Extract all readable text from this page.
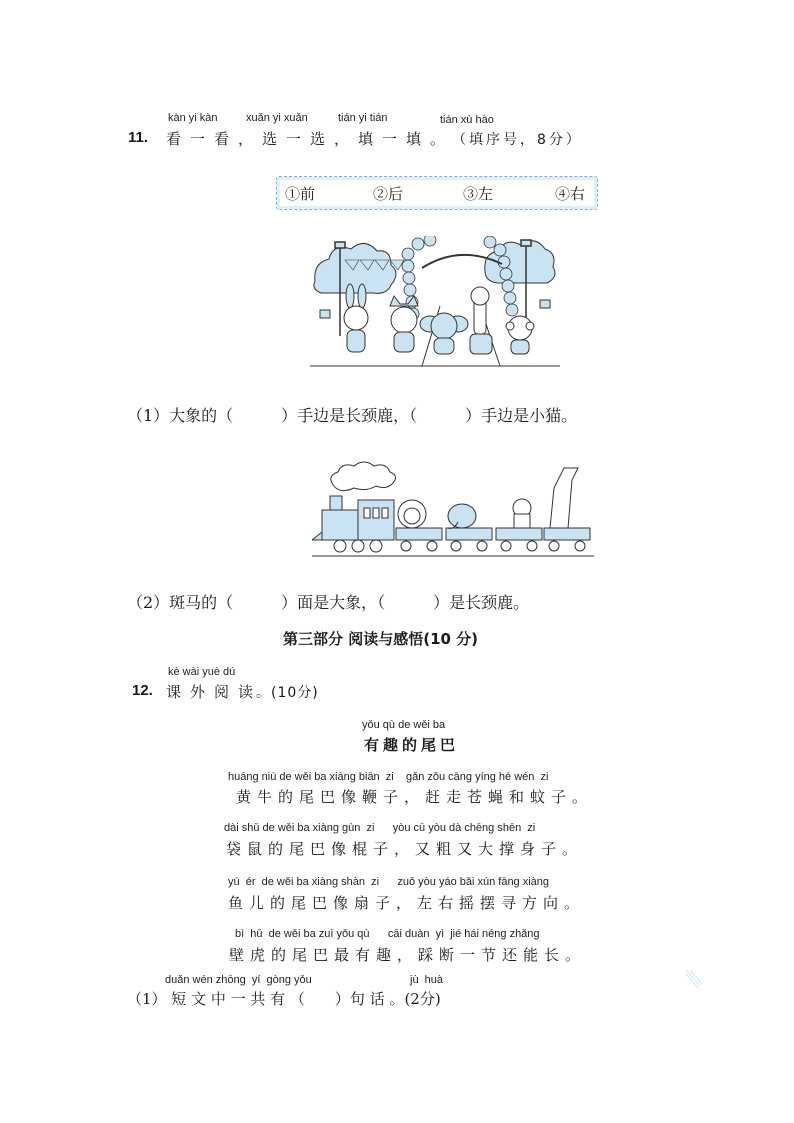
kàn yi kàn	xuǎn yi xuǎn	tián yi tián	tián xù hào
11. 看一看，选一选，填一填。
（填序号，8分）
①前	②后	③左	④右
（1）大象的（　　　）手边是长颈鹿，（　　　）手边是小猫。
（2）斑马的（　　　）面是大象，（　　　）是长颈鹿。
第三部分 阅读与感悟(10 分)
kè wài yuè dú
12. 课外阅读
。(10分)
yǒu qù de wěi ba
有趣的尾巴
huáng niú de wěi ba xiàng biān  zi    gǎn zǒu cāng yíng hé wén  zi
黄牛的尾巴像鞭子，赶走苍蝇和蚊子。
dài shǔ de wěi ba xiàng gùn  zi      yòu cū yòu dà chēng shēn  zi
袋鼠的尾巴像棍子，又粗又大撑身子。
yú  ér  de wěi ba xiàng shàn  zi      zuǒ yòu yáo bǎi xún fāng xiàng
鱼儿的尾巴像扇子，左右摇摆寻方向。
bì  hǔ  de wěi ba zuì yǒu qù      cāi duàn  yì  jié hái néng zhǎng
壁虎的尾巴最有趣，踩断一节还能长。
duǎn wén zhōng  yí  gòng yǒu	jù  huà
（1） 短 文 中 一 共 有 （　　）句 话 。(2分)
